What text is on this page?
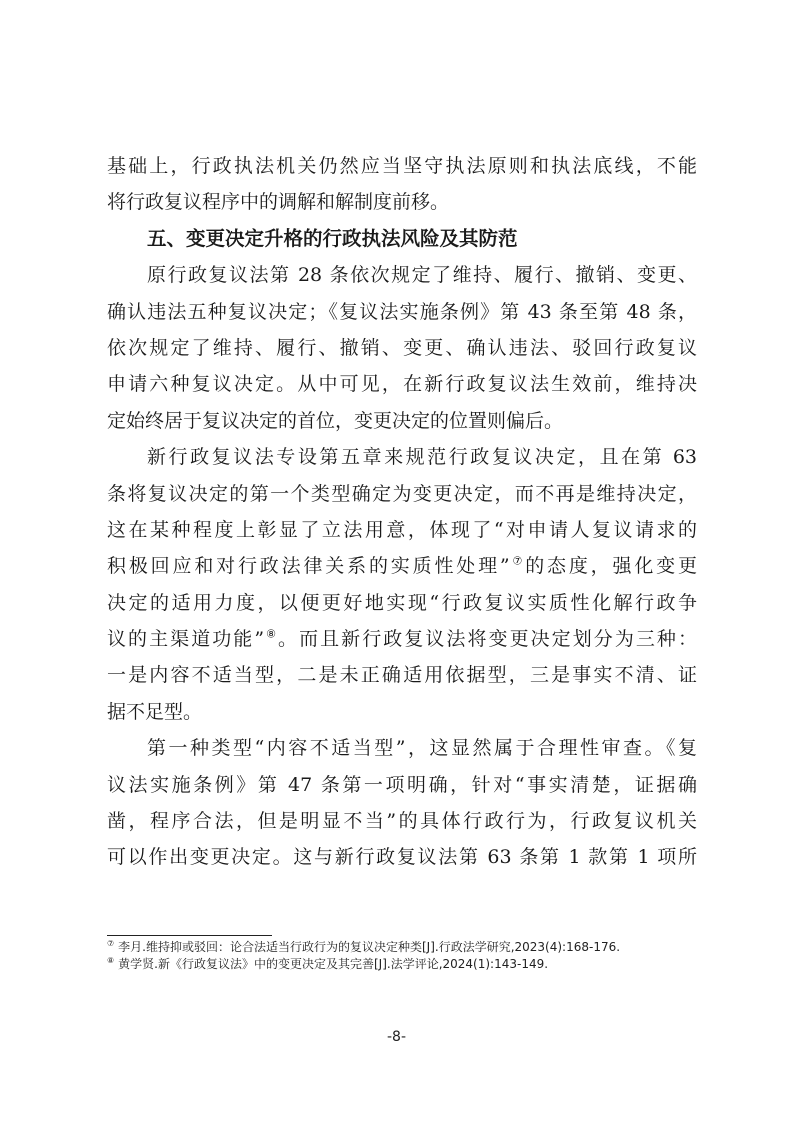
基础上，行政执法机关仍然应当坚守执法原则和执法底线，不能
将行政复议程序中的调解和解制度前移。
五、变更决定升格的行政执法风险及其防范
原行政复议法第 28 条依次规定了维持、履行、撤销、变更、
确认违法五种复议决定；《复议法实施条例》第 43 条至第 48 条，
依次规定了维持、履行、撤销、变更、确认违法、驳回行政复议
申请六种复议决定。从中可见，在新行政复议法生效前，维持决
定始终居于复议决定的首位，变更决定的位置则偏后。
新行政复议法专设第五章来规范行政复议决定，且在第 63
条将复议决定的第一个类型确定为变更决定，而不再是维持决定，
这在某种程度上彰显了立法用意，体现了“对申请人复议请求的
积极回应和对行政法律关系的实质性处理”⑦的态度，强化变更
决定的适用力度，以便更好地实现“行政复议实质性化解行政争
议的主渠道功能”⑧。而且新行政复议法将变更决定划分为三种：
一是内容不适当型，二是未正确适用依据型，三是事实不清、证
据不足型。
第一种类型“内容不适当型”，这显然属于合理性审查。《复
议法实施条例》第 47 条第一项明确，针对“事实清楚，证据确
凿，程序合法，但是明显不当”的具体行政行为，行政复议机关
可以作出变更决定。这与新行政复议法第 63 条第 1 款第 1 项所

⑦ 李月.维持抑或驳回：论合法适当行政行为的复议决定种类[J].行政法学研究,2023(4):168-176.

⑧ 黄学贤.新《行政复议法》中的变更决定及其完善[J].法学评论,2024(1):143-149.

-8-
